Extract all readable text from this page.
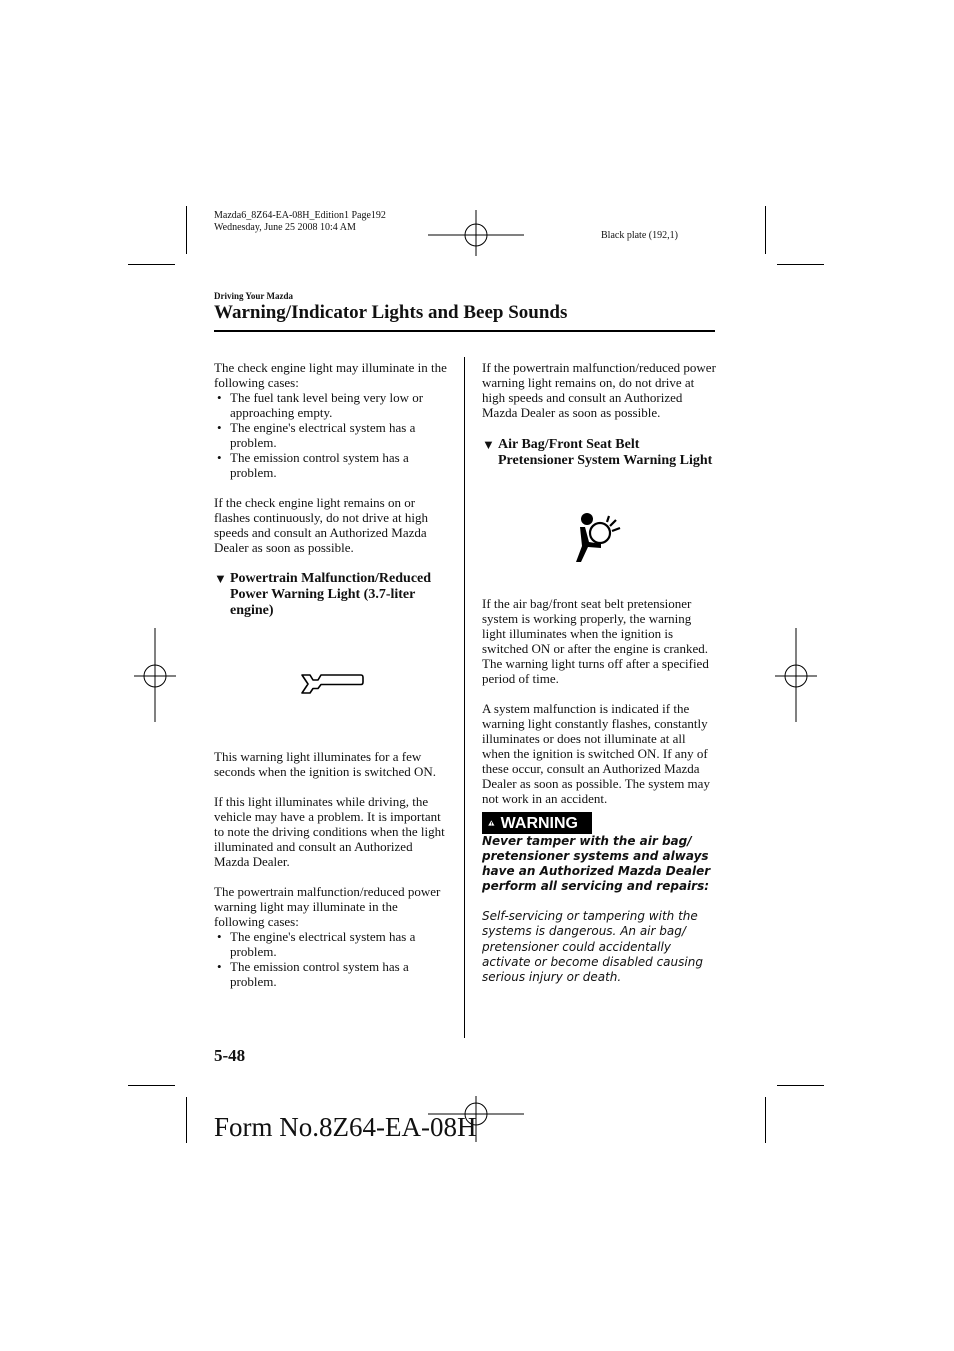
Mazda6_8Z64-EA-08H_Edition1 Page192
Wednesday, June 25 2008 10:4 AM
Black plate (192,1)
Driving Your Mazda
Warning/Indicator Lights and Beep Sounds

The check engine light may illuminate in the following cases:

• The fuel tank level being very low or approaching empty.
• The engine's electrical system has a problem.
• The emission control system has a problem.

If the check engine light remains on or flashes continuously, do not drive at high speeds and consult an Authorized Mazda Dealer as soon as possible.

▼ Powertrain Malfunction/Reduced Power Warning Light (3.7-liter engine)

This warning light illuminates for a few seconds when the ignition is switched ON.

If this light illuminates while driving, the vehicle may have a problem. It is important to note the driving conditions when the light illuminated and consult an Authorized Mazda Dealer.

The powertrain malfunction/reduced power warning light may illuminate in the following cases:

• The engine's electrical system has a problem.
• The emission control system has a problem.

If the powertrain malfunction/reduced power warning light remains on, do not drive at high speeds and consult an Authorized Mazda Dealer as soon as possible.

▼ Air Bag/Front Seat Belt Pretensioner System Warning Light

If the air bag/front seat belt pretensioner system is working properly, the warning light illuminates when the ignition is switched ON or after the engine is cranked. The warning light turns off after a specified period of time.

A system malfunction is indicated if the warning light constantly flashes, constantly illuminates or does not illuminate at all when the ignition is switched ON. If any of these occur, consult an Authorized Mazda Dealer as soon as possible. The system may not work in an accident.

WARNING

Never tamper with the air bag/ pretensioner systems and always have an Authorized Mazda Dealer perform all servicing and repairs:

Self-servicing or tampering with the systems is dangerous. An air bag/ pretensioner could accidentally activate or become disabled causing serious injury or death.

5-48
Form No.8Z64-EA-08H
